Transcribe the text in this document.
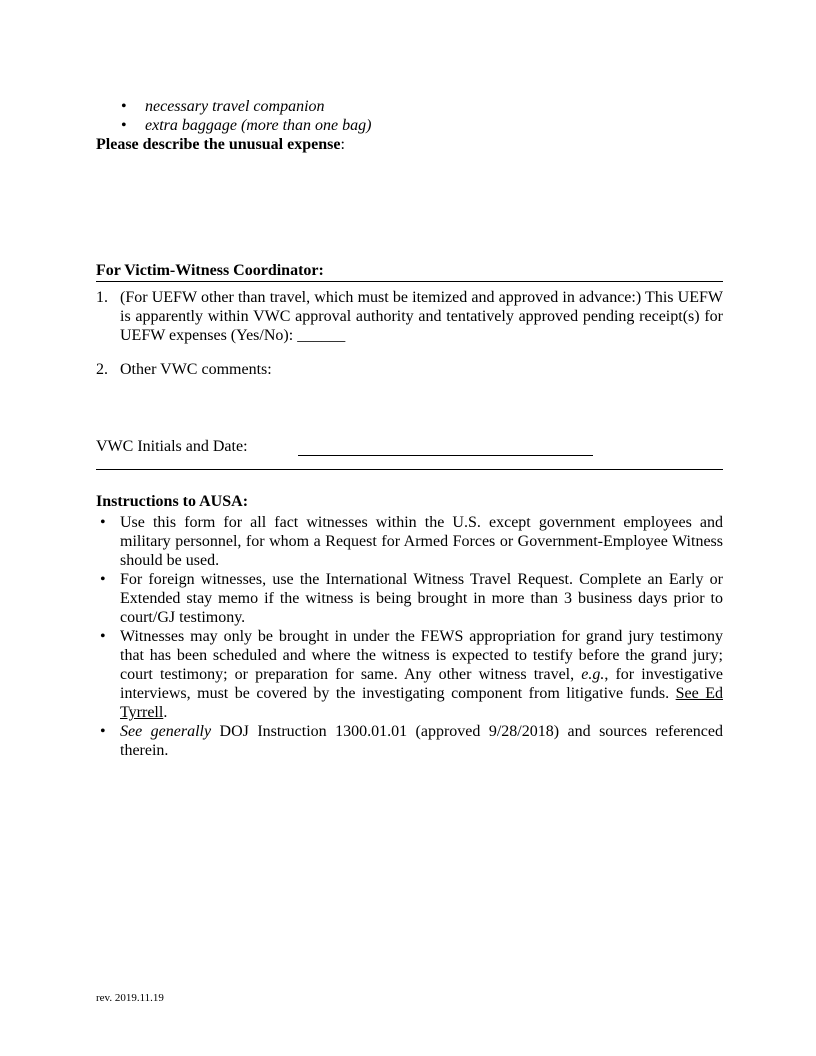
•	necessary travel companion
•	extra baggage (more than one bag)

Please describe the unusual expense:

For Victim-Witness Coordinator:
1. (For UEFW other than travel, which must be itemized and approved in advance:) This UEFW is apparently within VWC approval authority and tentatively approved pending receipt(s) for UEFW expenses (Yes/No): ______
2. Other VWC comments:
VWC Initials and Date:
Instructions to AUSA:
• Use this form for all fact witnesses within the U.S. except government employees and military personnel, for whom a Request for Armed Forces or Government-Employee Witness should be used.
• For foreign witnesses, use the International Witness Travel Request. Complete an Early or Extended stay memo if the witness is being brought in more than 3 business days prior to court/GJ testimony.
• Witnesses may only be brought in under the FEWS appropriation for grand jury testimony that has been scheduled and where the witness is expected to testify before the grand jury; court testimony; or preparation for same. Any other witness travel, e.g., for investigative interviews, must be covered by the investigating component from litigative funds. See Ed Tyrrell.
• See generally DOJ Instruction 1300.01.01 (approved 9/28/2018) and sources referenced therein.
rev. 2019.11.19
